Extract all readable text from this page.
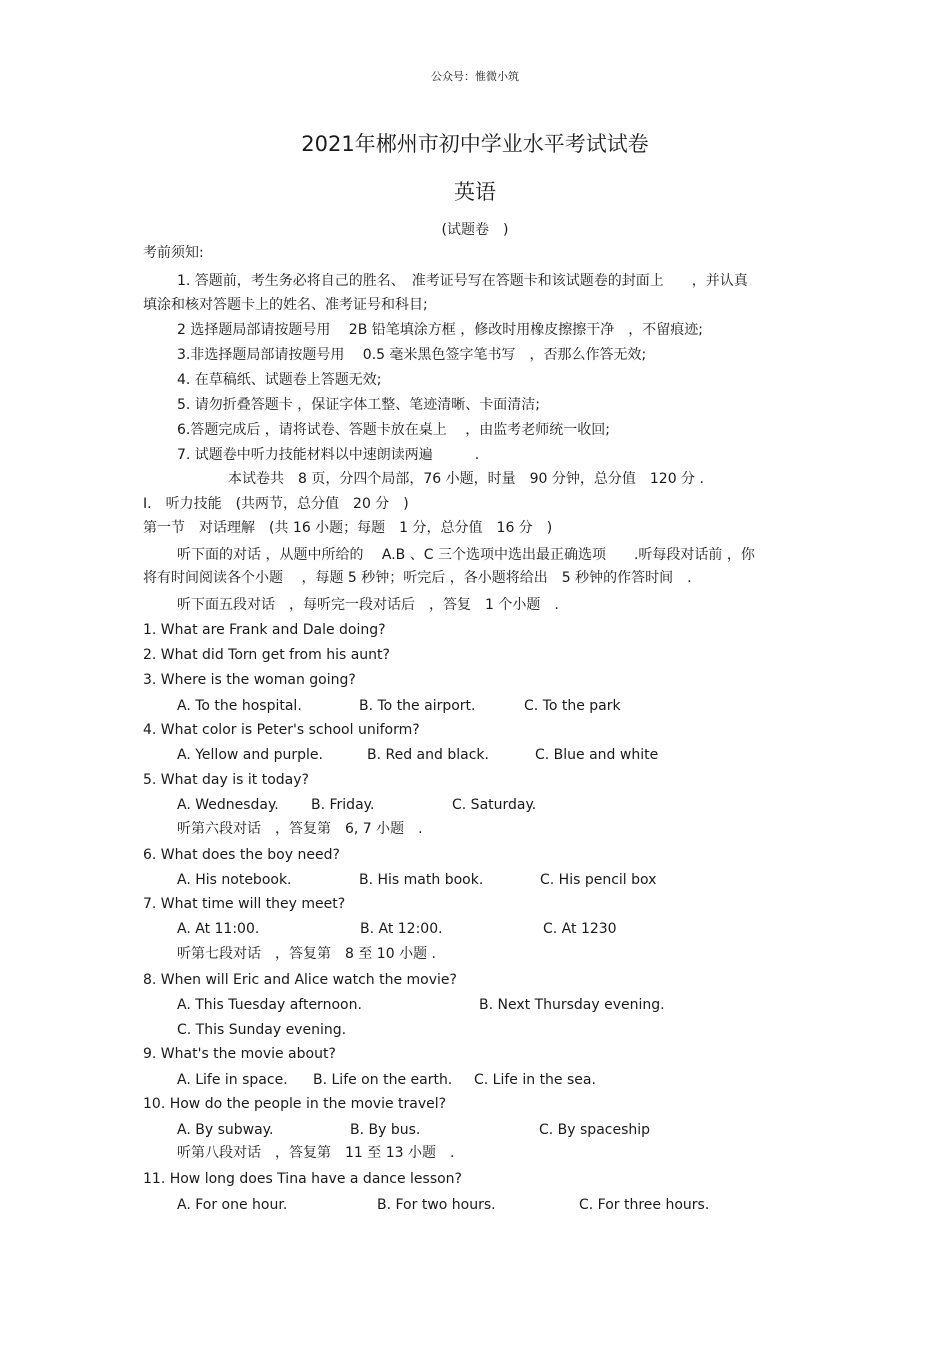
公众号：惟微小筑
2021年郴州市初中学业水平考试试卷
英语
(试题卷　)
考前须知:
1. 答题前，考生务必将自己的胜名、　准考证号写在答题卡和该试题卷的封面上　　，并认真
填涂和核对答题卡上的姓名、准考证号和科目;
2 选择题局部请按题号用　 2B 铅笔填涂方框 ，修改时用橡皮擦擦干净　，不留痕迹;
3.非选择题局部请按题号用　 0.5 毫米黑色签字笔书写　，否那么作答无效;
4. 在草稿纸、试题卷上答题无效;
5. 请勿折叠答题卡 ，保证字体工整、笔迹清晰、卡面清洁;
6.答题完成后 ，请将试卷、答题卡放在桌上　 ，由监考老师统一收回;
7. 试题卷中听力技能材料以中速朗读两遍　　　.
本试卷共　8 页，分四个局部，76 小题，时量　90 分钟，总分值　120 分 .
I.　听力技能　(共两节，总分值　20 分　)
第一节　对话理解　(共 16 小题；每题　1 分，总分值　16 分　)
听下面的对话 ，从题中所给的　 A.B 、C 三个选项中选出最正确选项　　.听每段对话前 ，你
将有时间阅读各个小题　 ，每题 5 秒钟；听完后 ，各小题将给出　5 秒钟的作答时间　.
听下面五段对话　，每听完一段对话后　，答复　1 个小题　.
1. What are Frank and Dale doing?
2. What did Torn get from his aunt?
3. Where is the woman going?
A. To the hospital.	B. To the airport.	C. To the park
4. What color is Peter's school uniform?
A. Yellow and purple.	B. Red and black.	C. Blue and white
5. What day is it today?
A. Wednesday. B. Friday.	C. Saturday.
听第六段对话　，答复第　6, 7 小题　.
6. What does the boy need?
A. His notebook.	B. His math book.	C. His pencil box
7. What time will they meet?
A. At 11:00.	B. At 12:00.	C. At 1230
听第七段对话　，答复第　8 至 10 小题 .
8. When will Eric and Alice watch the movie?
A. This Tuesday afternoon.	B. Next Thursday evening.
C. This Sunday evening.
9. What's the movie about?
A. Life in space. B. Life on the earth. C. Life in the sea.
10. How do the people in the movie travel?
A. By subway.	B. By bus.	C. By spaceship
听第八段对话　，答复第　11 至 13 小题　.
11. How long does Tina have a dance lesson?
A. For one hour.	B. For two hours.	C. For three hours.
